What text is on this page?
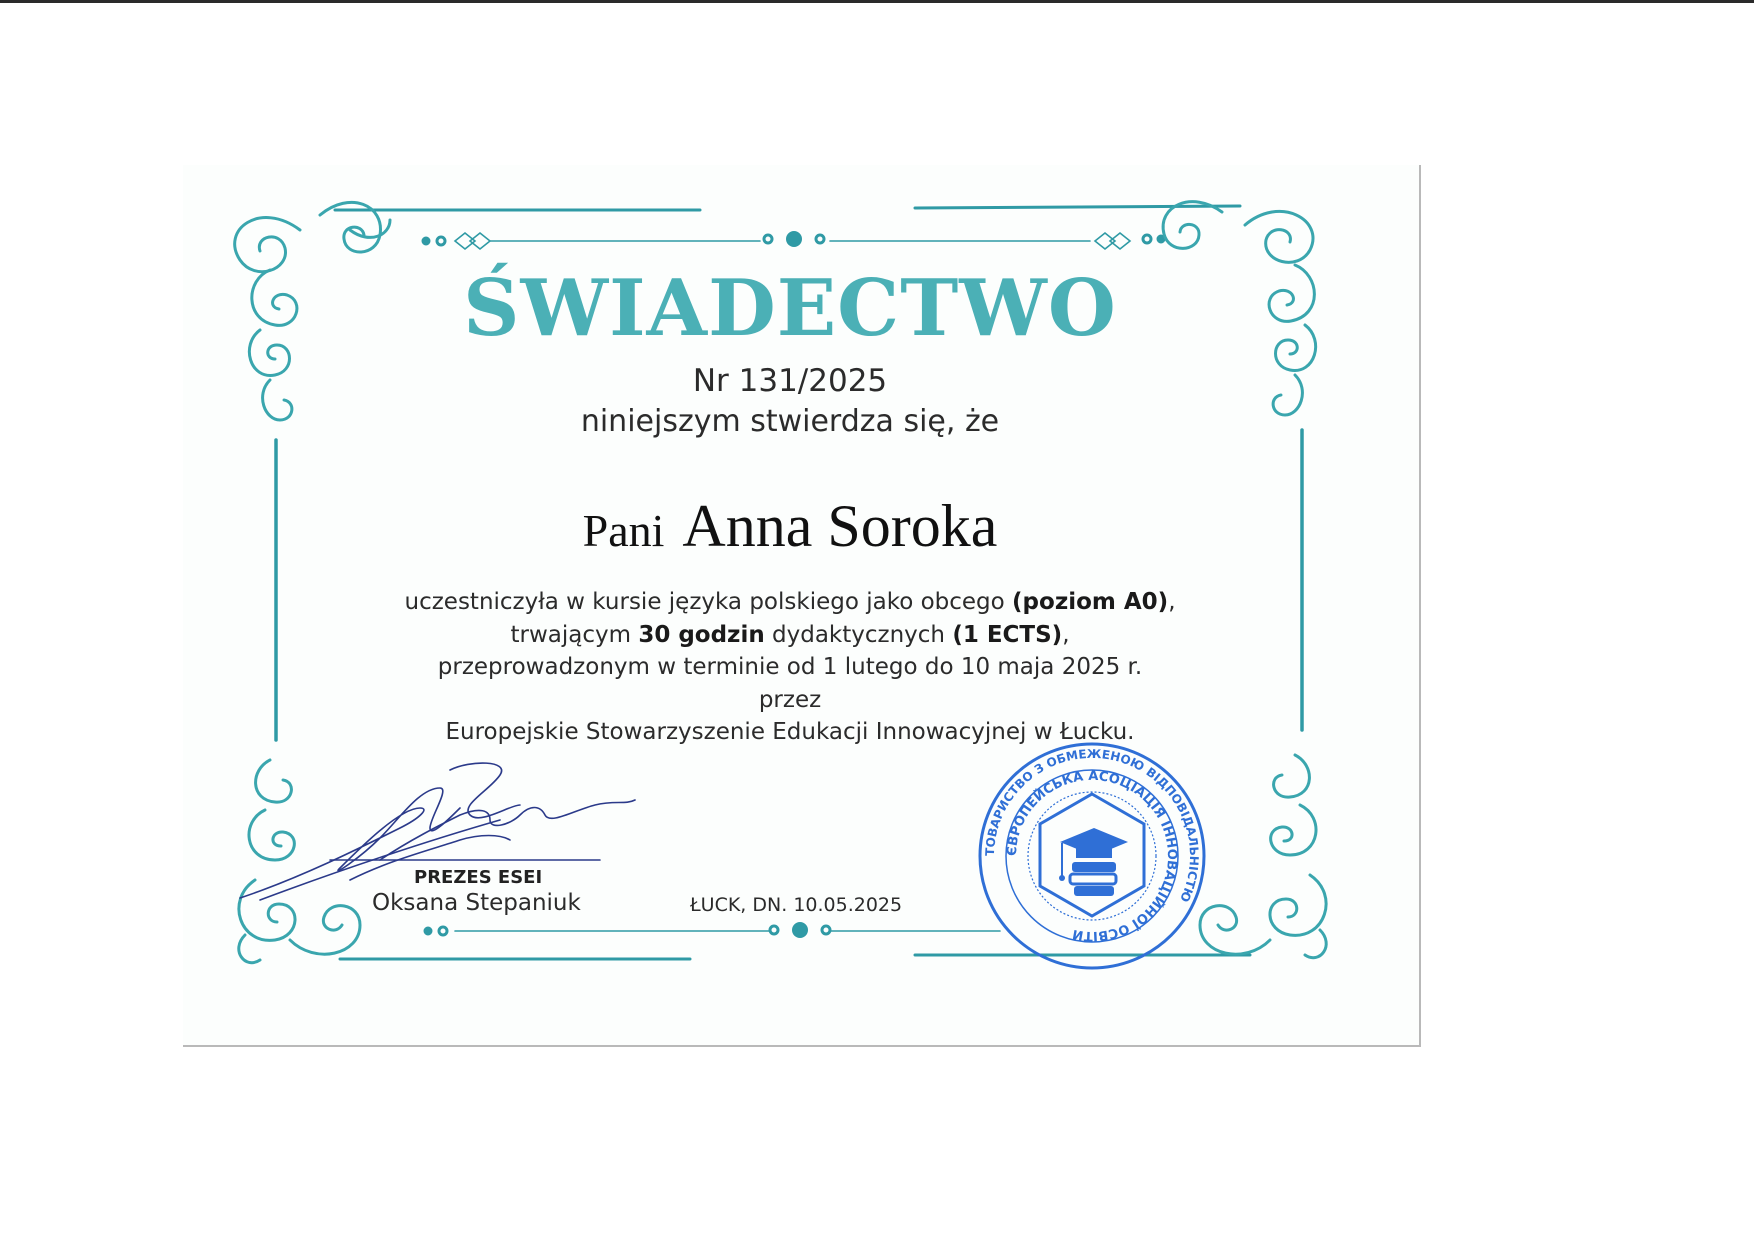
ŚWIADECTWO
Nr 131/2025
niniejszym stwierdza się, że
Pani Anna Soroka
uczestniczyła w kursie języka polskiego jako obcego (poziom A0),
trwającym 30 godzin dydaktycznych (1 ECTS),
przeprowadzonym w terminie od 1 lutego do 10 maja 2025 r.
przez
Europejskie Stowarzyszenie Edukacji Innowacyjnej w Łucku.
PREZES ESEI
Oksana Stepaniuk	ŁUCK, DN. 10.05.2025
ТОВАРИСТВО З ОБМЕЖЕНОЮ ВІДПОВІДАЛЬНІСТЮ
ЄВРОПЕЙСЬКА АСОЦІАЦІЯ ІННОВАЦІЙНОЇ ОСВІТИ
